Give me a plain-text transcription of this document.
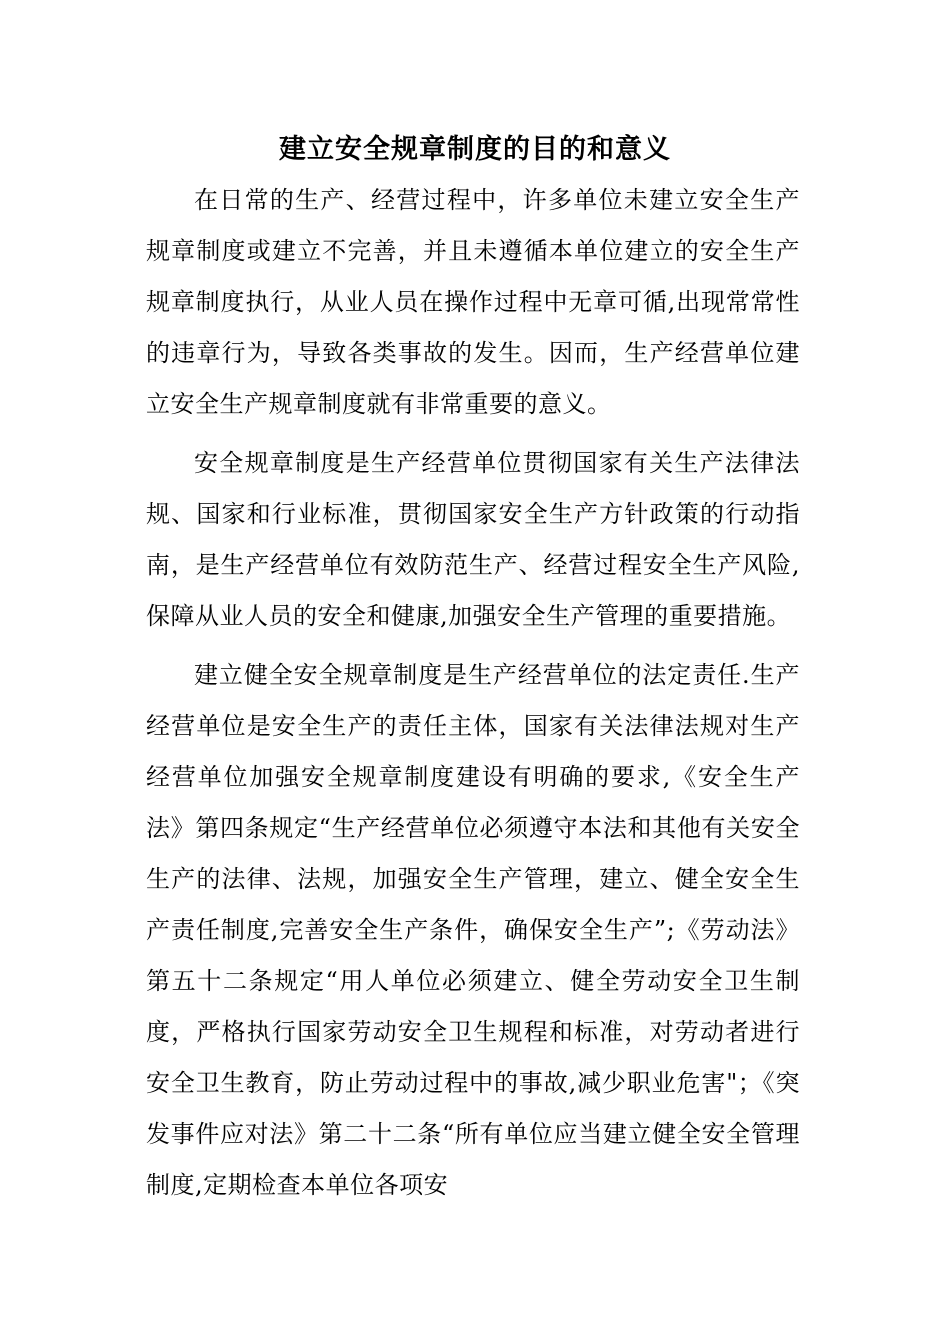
建立安全规章制度的目的和意义

在日常的生产、经营过程中，许多单位未建立安全生产规章制度或建立不完善，并且未遵循本单位建立的安全生产规章制度执行，从业人员在操作过程中无章可循,出现常常性的违章行为，导致各类事故的发生。因而，生产经营单位建立安全生产规章制度就有非常重要的意义。

安全规章制度是生产经营单位贯彻国家有关生产法律法规、国家和行业标准，贯彻国家安全生产方针政策的行动指南，是生产经营单位有效防范生产、经营过程安全生产风险,保障从业人员的安全和健康,加强安全生产管理的重要措施。

建立健全安全规章制度是生产经营单位的法定责任.生产经营单位是安全生产的责任主体，国家有关法律法规对生产经营单位加强安全规章制度建设有明确的要求,《安全生产法》第四条规定“生产经营单位必须遵守本法和其他有关安全生产的法律、法规，加强安全生产管理，建立、健全安全生产责任制度,完善安全生产条件，确保安全生产”;《劳动法》第五十二条规定“用人单位必须建立、健全劳动安全卫生制度，严格执行国家劳动安全卫生规程和标准，对劳动者进行安全卫生教育，防止劳动过程中的事故,减少职业危害"；《突发事件应对法》第二十二条“所有单位应当建立健全安全管理制度,定期检查本单位各项安
